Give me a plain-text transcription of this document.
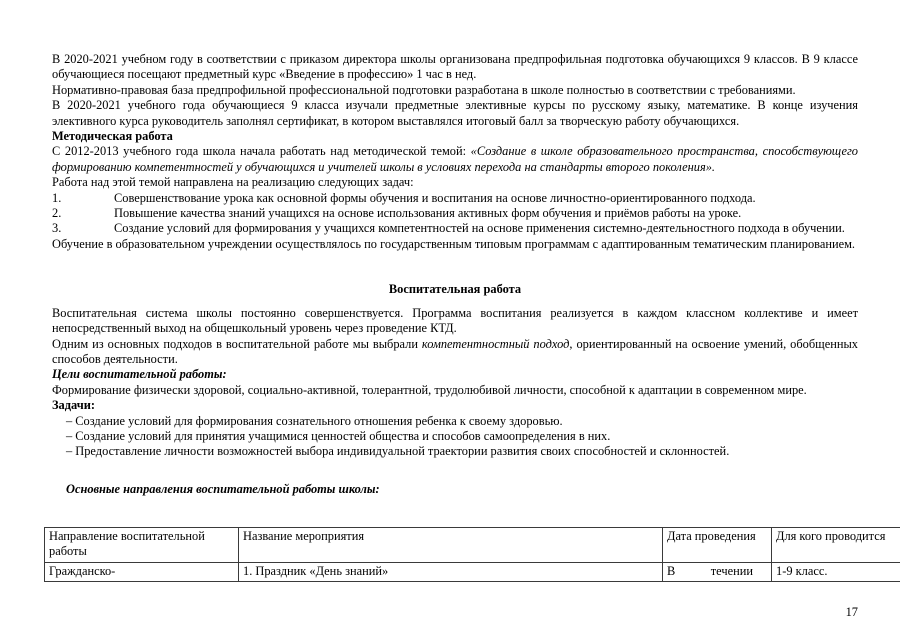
В 2020-2021 учебном году в соответствии с приказом директора школы организована предпрофильная подготовка обучающихся 9 классов. В 9 классе обучающиеся посещают предметный курс «Введение в профессию» 1 час в нед.

Нормативно-правовая база предпрофильной профессиональной подготовки разработана в школе полностью в соответствии с требованиями.

В 2020-2021 учебного года обучающиеся 9 класса изучали предметные элективные курсы по русскому языку, математике. В конце изучения элективного курса руководитель заполнял сертификат, в котором выставлялся итоговый балл за творческую работу обучающихся.

Методическая работа

С 2012-2013 учебного года школа начала работать над методической темой: «Создание в школе образовательного пространства, способствующего формированию компетентностей у обучающихся и учителей школы в условиях перехода на стандарты второго поколения».

Работа над этой темой направлена на реализацию следующих задач:

1.	Совершенствование урока как основной формы обучения и воспитания на основе личностно-ориентированного подхода.
2.	Повышение качества знаний учащихся на основе использования активных форм обучения и приёмов работы на уроке.
3.	Создание условий для формирования у учащихся компетентностей на основе применения системно-деятельностного подхода в обучении.

Обучение в образовательном учреждении осуществлялось по государственным типовым программам с адаптированным тематическим планированием.

Воспитательная работа

Воспитательная система школы постоянно совершенствуется. Программа воспитания реализуется в каждом классном коллективе и имеет непосредственный выход на общешкольный уровень через проведение КТД.

Одним из основных подходов в воспитательной работе мы выбрали компетентностный подход, ориентированный на освоение умений, обобщенных способов деятельности.

Цели воспитательной работы:

Формирование физически здоровой, социально-активной, толерантной, трудолюбивой личности, способной к адаптации в современном мире.

Задачи:

– Создание условий для формирования сознательного отношения ребенка к своему здоровью.

– Создание условий для принятия учащимися ценностей общества и способов самоопределения в них.

– Предоставление личности возможностей выбора индивидуальной траектории развития своих способностей и склонностей.

Основные направления воспитательной работы школы:

Направление воспитательной работы	Название мероприятия	Дата проведения	Для кого проводится
Гражданско-	1. Праздник «День знаний»	В течении	1-9 класс.
17
